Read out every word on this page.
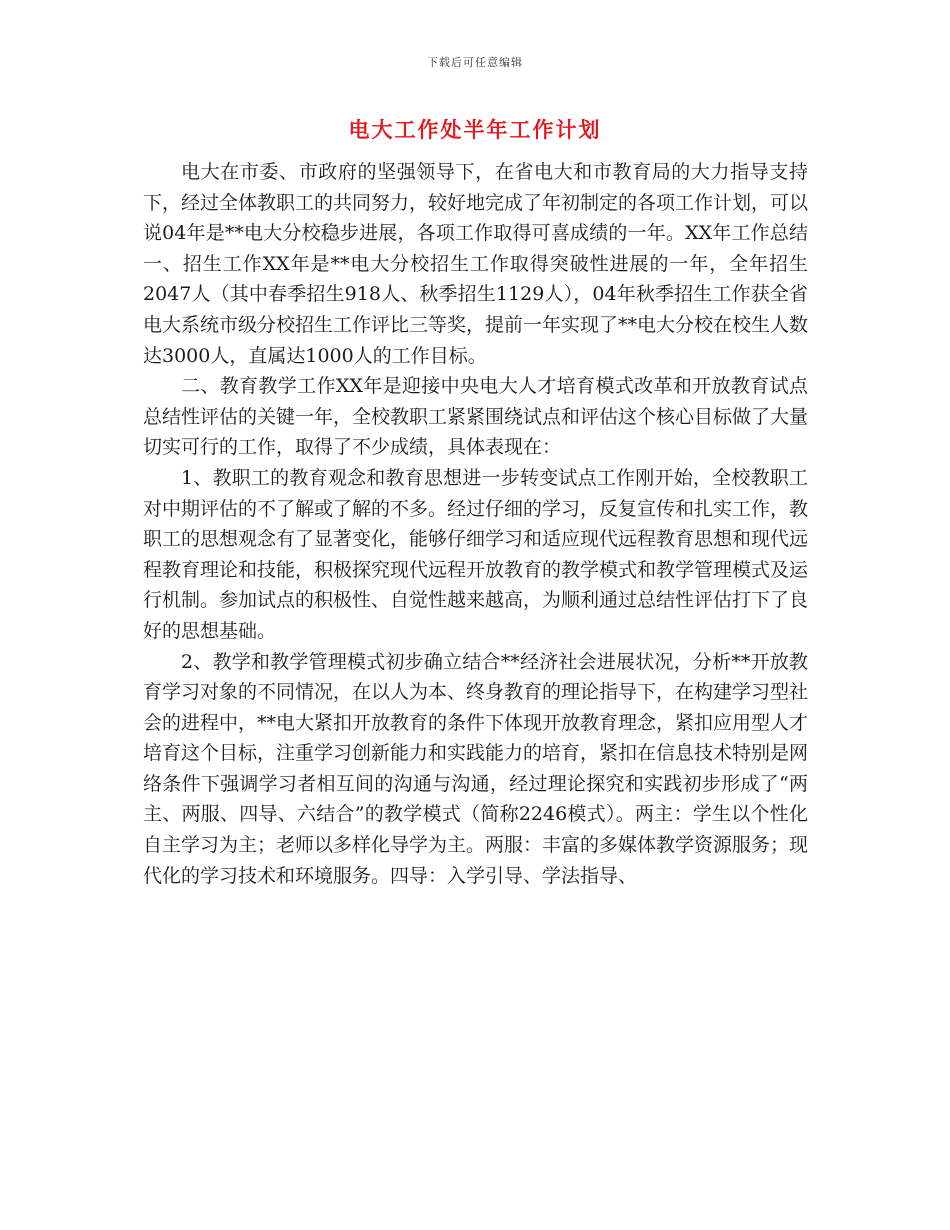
下载后可任意编辑
电大工作处半年工作计划

电大在市委、市政府的坚强领导下，在省电大和市教育局的大力指导支持下，经过全体教职工的共同努力，较好地完成了年初制定的各项工作计划，可以说04年是**电大分校稳步进展，各项工作取得可喜成绩的一年。XX年工作总结一、招生工作XX年是**电大分校招生工作取得突破性进展的一年，全年招生2047人（其中春季招生918人、秋季招生1129人），04年秋季招生工作获全省电大系统市级分校招生工作评比三等奖，提前一年实现了**电大分校在校生人数达3000人，直属达1000人的工作目标。

二、教育教学工作XX年是迎接中央电大人才培育模式改革和开放教育试点总结性评估的关键一年，全校教职工紧紧围绕试点和评估这个核心目标做了大量切实可行的工作，取得了不少成绩，具体表现在：

1、教职工的教育观念和教育思想进一步转变试点工作刚开始，全校教职工对中期评估的不了解或了解的不多。经过仔细的学习，反复宣传和扎实工作，教职工的思想观念有了显著变化，能够仔细学习和适应现代远程教育思想和现代远程教育理论和技能，积极探究现代远程开放教育的教学模式和教学管理模式及运行机制。参加试点的积极性、自觉性越来越高，为顺利通过总结性评估打下了良好的思想基础。

2、教学和教学管理模式初步确立结合**经济社会进展状况，分析**开放教育学习对象的不同情况，在以人为本、终身教育的理论指导下，在构建学习型社会的进程中，**电大紧扣开放教育的条件下体现开放教育理念，紧扣应用型人才培育这个目标，注重学习创新能力和实践能力的培育，紧扣在信息技术特别是网络条件下强调学习者相互间的沟通与沟通，经过理论探究和实践初步形成了“两主、两服、四导、六结合”的教学模式（简称2246模式）。两主：学生以个性化自主学习为主；老师以多样化导学为主。两服：丰富的多媒体教学资源服务；现代化的学习技术和环境服务。四导：入学引导、学法指导、
